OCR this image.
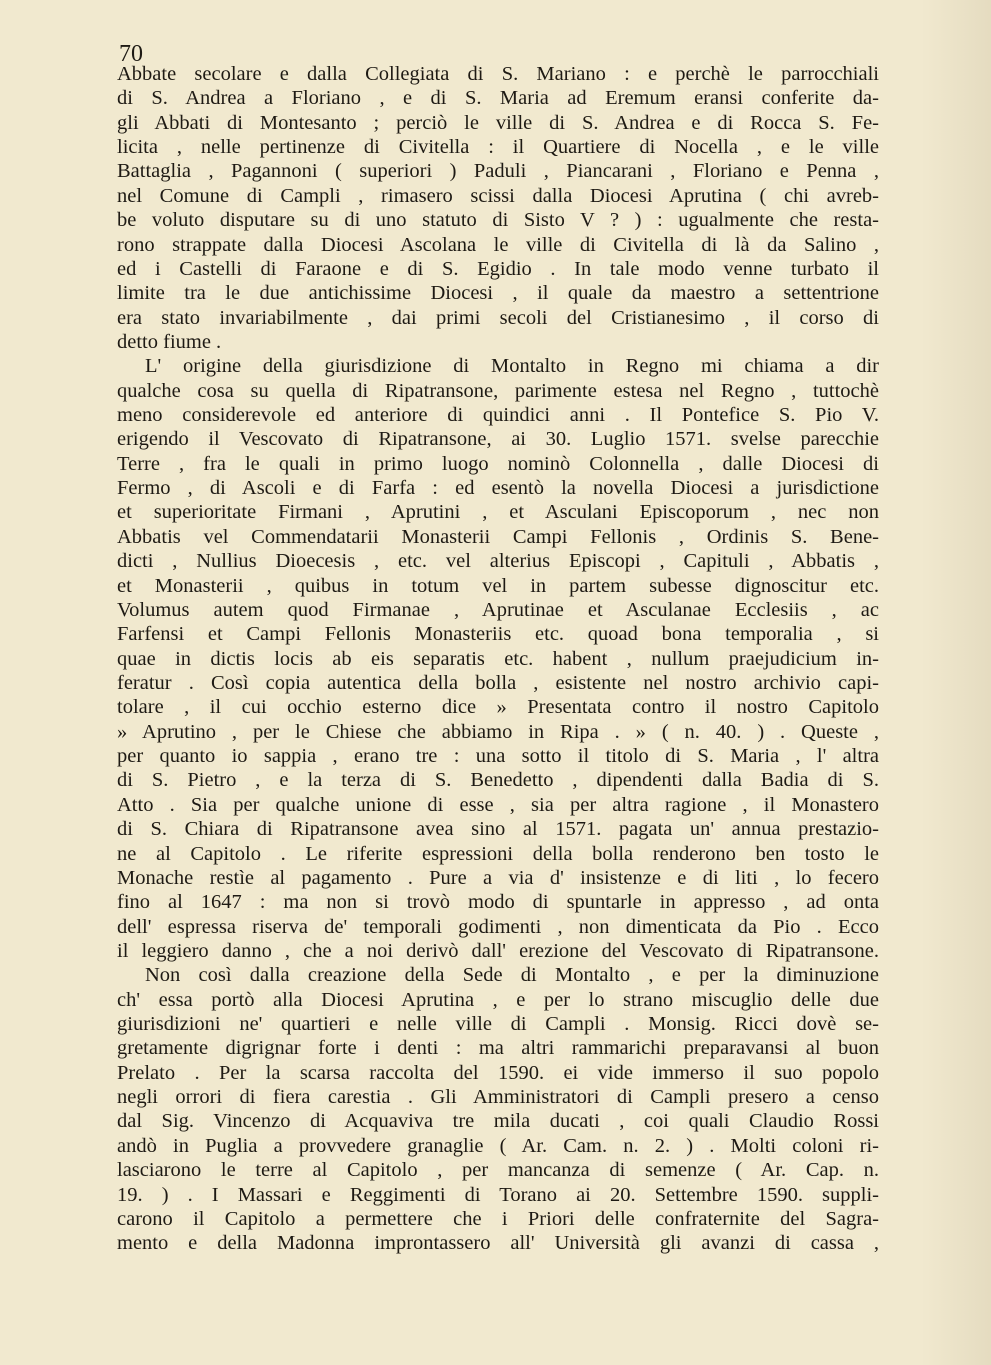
70
Abbate secolare e dalla Collegiata di S. Mariano : e perchè le parrocchiali
di S. Andrea a Floriano , e di S. Maria ad Eremum eransi conferite da-
gli Abbati di Montesanto ; perciò le ville di S. Andrea e di Rocca S. Fe-
licita , nelle pertinenze di Civitella : il Quartiere di Nocella , e le ville
Battaglia , Pagannoni ( superiori ) Paduli , Piancarani , Floriano e Penna ,
nel Comune di Campli , rimasero scissi dalla Diocesi Aprutina ( chi avreb-
be voluto disputare su di uno statuto di Sisto V ? ) : ugualmente che resta-
rono strappate dalla Diocesi Ascolana le ville di Civitella di là da Salino ,
ed i Castelli di Faraone e di S. Egidio . In tale modo venne turbato il
limite tra le due antichissime Diocesi , il quale da maestro a settentrione
era stato invariabilmente , dai primi secoli del Cristianesimo , il corso di
detto fiume .
L' origine della giurisdizione di Montalto in Regno mi chiama a dir
qualche cosa su quella di Ripatransone, parimente estesa nel Regno , tuttochè
meno considerevole ed anteriore di quindici anni . Il Pontefice S. Pio V.
erigendo il Vescovato di Ripatransone, ai 30. Luglio 1571. svelse parecchie
Terre , fra le quali in primo luogo nominò Colonnella , dalle Diocesi di
Fermo , di Ascoli e di Farfa : ed esentò la novella Diocesi a jurisdictione
et superioritate Firmani , Aprutini , et Asculani Episcoporum , nec non
Abbatis vel Commendatarii Monasterii Campi Fellonis , Ordinis S. Bene-
dicti , Nullius Dioecesis , etc. vel alterius Episcopi , Capituli , Abbatis ,
et Monasterii , quibus in totum vel in partem subesse dignoscitur etc.
Volumus autem quod Firmanae , Aprutinae et Asculanae Ecclesiis , ac
Farfensi et Campi Fellonis Monasteriis etc. quoad bona temporalia , si
quae in dictis locis ab eis separatis etc. habent , nullum praejudicium in-
feratur . Così copia autentica della bolla , esistente nel nostro archivio capi-
tolare , il cui occhio esterno dice » Presentata contro il nostro Capitolo
» Aprutino , per le Chiese che abbiamo in Ripa . » ( n. 40. ) . Queste ,
per quanto io sappia , erano tre : una sotto il titolo di S. Maria , l' altra
di S. Pietro , e la terza di S. Benedetto , dipendenti dalla Badia di S.
Atto . Sia per qualche unione di esse , sia per altra ragione , il Monastero
di S. Chiara di Ripatransone avea sino al 1571. pagata un' annua prestazio-
ne al Capitolo . Le riferite espressioni della bolla renderono ben tosto le
Monache restìe al pagamento . Pure a via d' insistenze e di liti , lo fecero
fino al 1647 : ma non si trovò modo di spuntarle in appresso , ad onta
dell' espressa riserva de' temporali godimenti , non dimenticata da Pio . Ecco
il leggiero danno , che a noi derivò dall' erezione del Vescovato di Ripatransone.
Non così dalla creazione della Sede di Montalto , e per la diminuzione
ch' essa portò alla Diocesi Aprutina , e per lo strano miscuglio delle due
giurisdizioni ne' quartieri e nelle ville di Campli . Monsig. Ricci dovè se-
gretamente digrignar forte i denti : ma altri rammarichi preparavansi al buon
Prelato . Per la scarsa raccolta del 1590. ei vide immerso il suo popolo
negli orrori di fiera carestia . Gli Amministratori di Campli presero a censo
dal Sig. Vincenzo di Acquaviva tre mila ducati , coi quali Claudio Rossi
andò in Puglia a provvedere granaglie ( Ar. Cam. n. 2. ) . Molti coloni ri-
lasciarono le terre al Capitolo , per mancanza di semenze ( Ar. Cap. n.
19. ) . I Massari e Reggimenti di Torano ai 20. Settembre 1590. suppli-
carono il Capitolo a permettere che i Priori delle confraternite del Sagra-
mento e della Madonna improntassero all' Università gli avanzi di cassa ,
